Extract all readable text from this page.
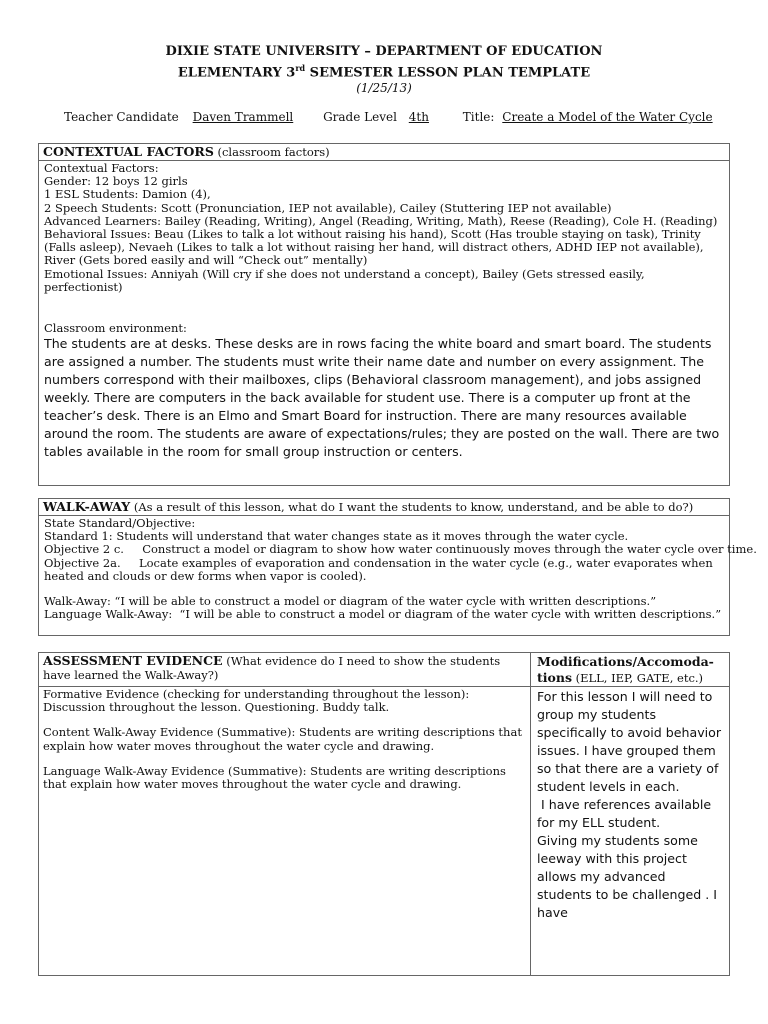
DIXIE STATE UNIVERSITY – DEPARTMENT OF EDUCATION
ELEMENTARY 3rd SEMESTER LESSON PLAN TEMPLATE
(1/25/13)
Teacher Candidate Daven Trammell Grade Level 4th	Title: Create a Model of the Water Cycle
CONTEXTUAL FACTORS (classroom factors)

Contextual Factors:

Gender: 12 boys 12 girls

1 ESL Students: Damion (4),

2 Speech Students: Scott (Pronunciation, IEP not available), Cailey (Stuttering IEP not available)

Advanced Learners: Bailey (Reading, Writing), Angel (Reading, Writing, Math), Reese (Reading), Cole H. (Reading)

Behavioral Issues: Beau (Likes to talk a lot without raising his hand), Scott (Has trouble staying on task), Trinity (Falls asleep), Nevaeh (Likes to talk a lot without raising her hand, will distract others, ADHD IEP not available), River (Gets bored easily and will “Check out” mentally)

Emotional Issues: Anniyah (Will cry if she does not understand a concept), Bailey (Gets stressed easily, perfectionist)

Classroom environment:

The students are at desks. These desks are in rows facing the white board and smart board. The students are assigned a number. The students must write their name date and number on every assignment. The numbers correspond with their mailboxes, clips (Behavioral classroom management), and jobs assigned weekly. There are computers in the back available for student use. There is a computer up front at the teacher’s desk. There is an Elmo and Smart Board for instruction. There are many resources available around the room. The students are aware of expectations/rules; they are posted on the wall. There are two tables available in the room for small group instruction or centers.

WALK-AWAY (As a result of this lesson, what do I want the students to know, understand, and be able to do?)

State Standard/Objective:

Standard 1: Students will understand that water changes state as it moves through the water cycle.

Objective 2 c.     Construct a model or diagram to show how water continuously moves through the water cycle over time.

Objective 2a.     Locate examples of evaporation and condensation in the water cycle (e.g., water evaporates when heated and clouds or dew forms when vapor is cooled).

Walk-Away: “I will be able to construct a model or diagram of the water cycle with written descriptions.”

Language Walk-Away:  “I will be able to construct a model or diagram of the water cycle with written descriptions.”

ASSESSMENT EVIDENCE (What evidence do I need to show the students have learned the Walk-Away?)
Modifications/Accomoda-tions (ELL, IEP, GATE, etc.)

Formative Evidence (checking for understanding throughout the lesson): Discussion throughout the lesson. Questioning. Buddy talk.

Content Walk-Away Evidence (Summative): Students are writing descriptions that explain how water moves throughout the water cycle and drawing.

Language Walk-Away Evidence (Summative): Students are writing descriptions that explain how water moves throughout the water cycle and drawing.

For this lesson I will need to group my students specifically to avoid behavior issues. I have grouped them so that there are a variety of student levels in each.
I have references available for my ELL student.
Giving my students some leeway with this project allows my advanced students to be challenged . I have
